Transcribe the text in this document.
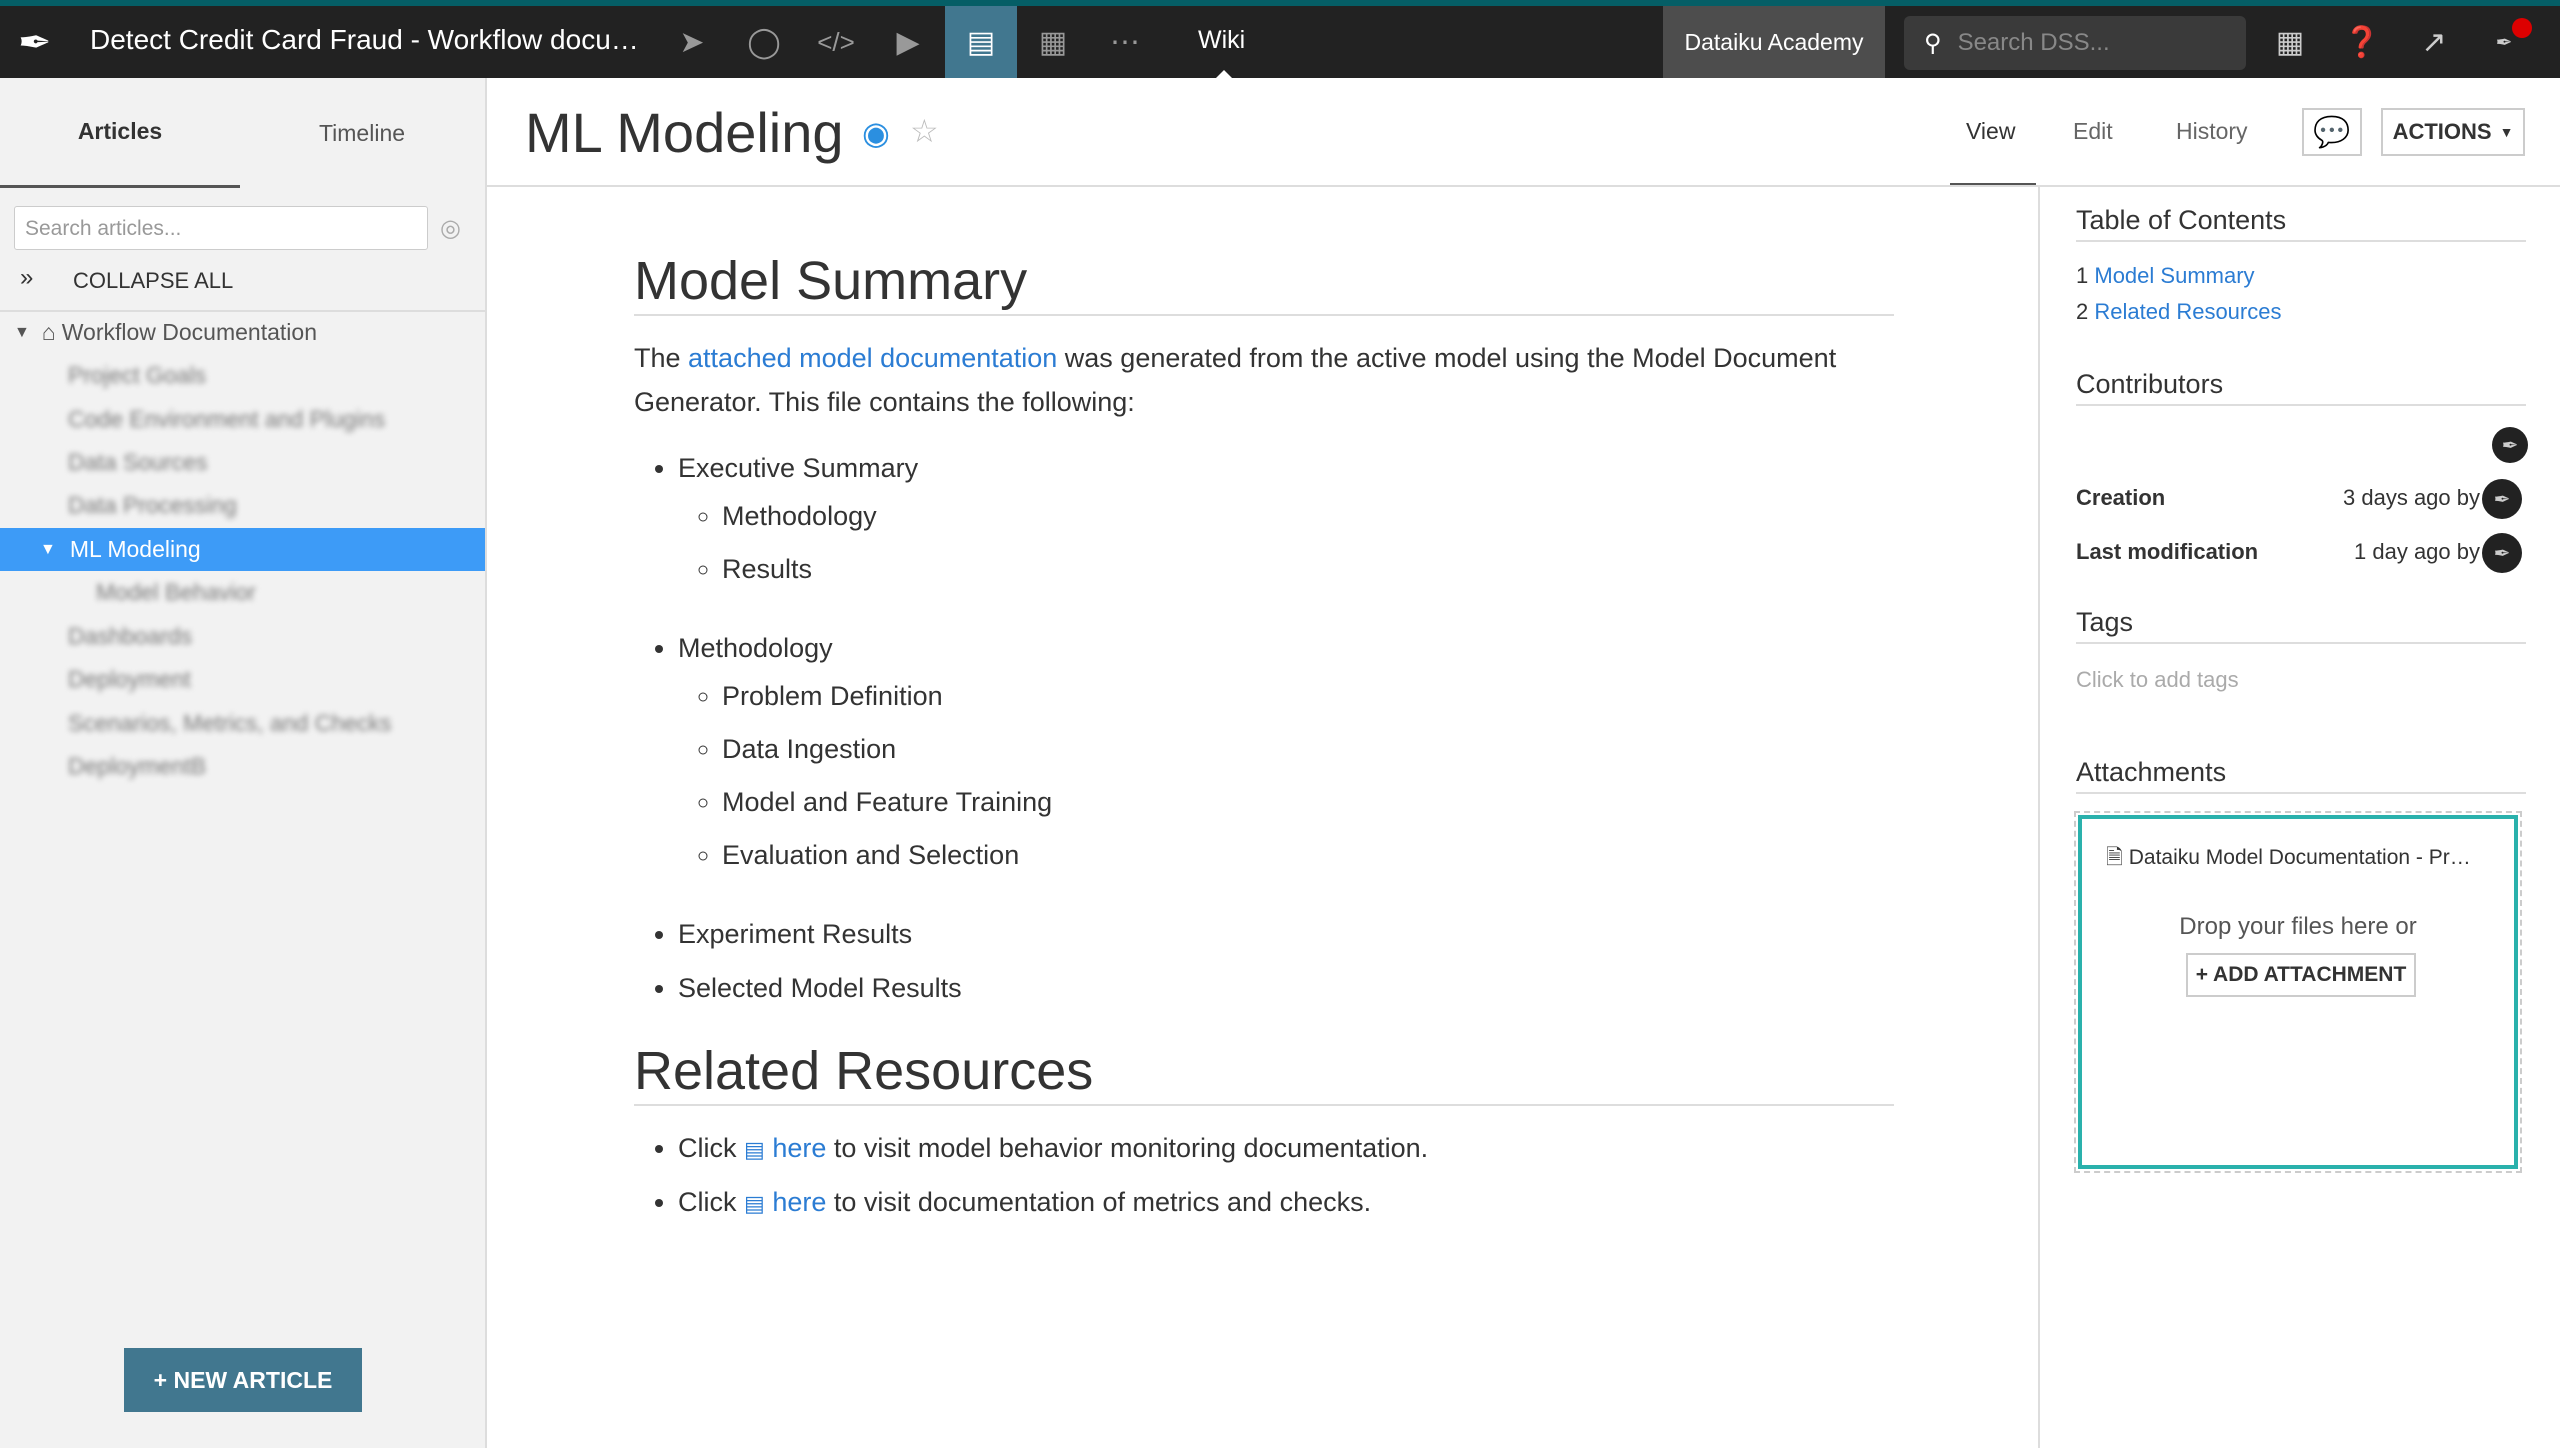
✒ Detect Credit Card Fraud - Workflow docu…	➤	◯	</>	▶	▤	▦	⋯	Wiki	Dataiku Academy	⚲ Search DSS...	▦	❓	↗	✒
Articles	Timeline
Search articles...	◎
» COLLAPSE ALL
▼ ⌂ Workflow Documentation
Project Goals
Code Environment and Plugins
Data Sources
Data Processing
▼ ML Modeling
Model Behavior
Dashboards
Deployment
Scenarios, Metrics, and Checks
DeploymentB
+ NEW ARTICLE
ML Modeling ◉ ☆	View	Edit	History 💬 ACTIONS ▼
Model Summary

The attached model documentation was generated from the active model using the Model Document Generator. This file contains the following:

• Executive Summary
◦ Methodology
◦ Results
• Methodology
◦ Problem Definition
◦ Data Ingestion
◦ Model and Feature Training
◦ Evaluation and Selection
• Experiment Results
• Selected Model Results
Related Resources
• Click ▤ here to visit model behavior monitoring documentation.
• Click ▤ here to visit documentation of metrics and checks.
Table of Contents
1 Model Summary
2 Related Resources
Contributors
✒
Creation	3 days ago by ✒
Last modification	1 day ago by ✒
Tags
Click to add tags
Attachments
🗎 Dataiku Model Documentation - Pr…
Drop your files here or
+ ADD ATTACHMENT
